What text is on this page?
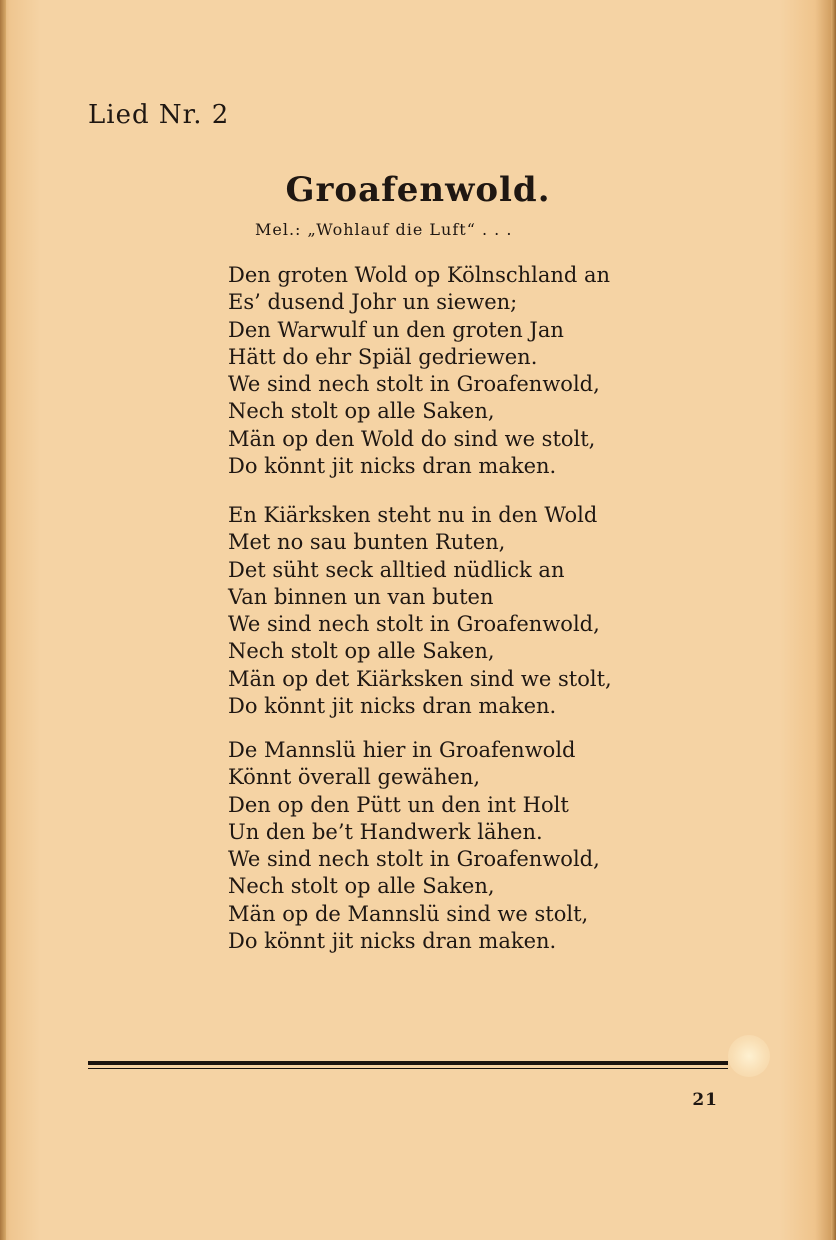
Lied Nr. 2
Groafenwold.
Mel.: „Wohlauf die Luft“ . . .
Den groten Wold op Kölnschland an
Es’ dusend Johr un siewen;
Den Warwulf un den groten Jan
Hätt do ehr Spiäl gedriewen.
We sind nech stolt in Groafenwold,
Nech stolt op alle Saken,
Män op den Wold do sind we stolt,
Do könnt jit nicks dran maken.
En Kiärksken steht nu in den Wold
Met no sau bunten Ruten,
Det süht seck alltied nüdlick an
Van binnen un van buten
We sind nech stolt in Groafenwold,
Nech stolt op alle Saken,
Män op det Kiärksken sind we stolt,
Do könnt jit nicks dran maken.
De Mannslü hier in Groafenwold
Könnt överall gewähen,
Den op den Pütt un den int Holt
Un den be’t Handwerk lähen.
We sind nech stolt in Groafenwold,
Nech stolt op alle Saken,
Män op de Mannslü sind we stolt,
Do könnt jit nicks dran maken.
21
